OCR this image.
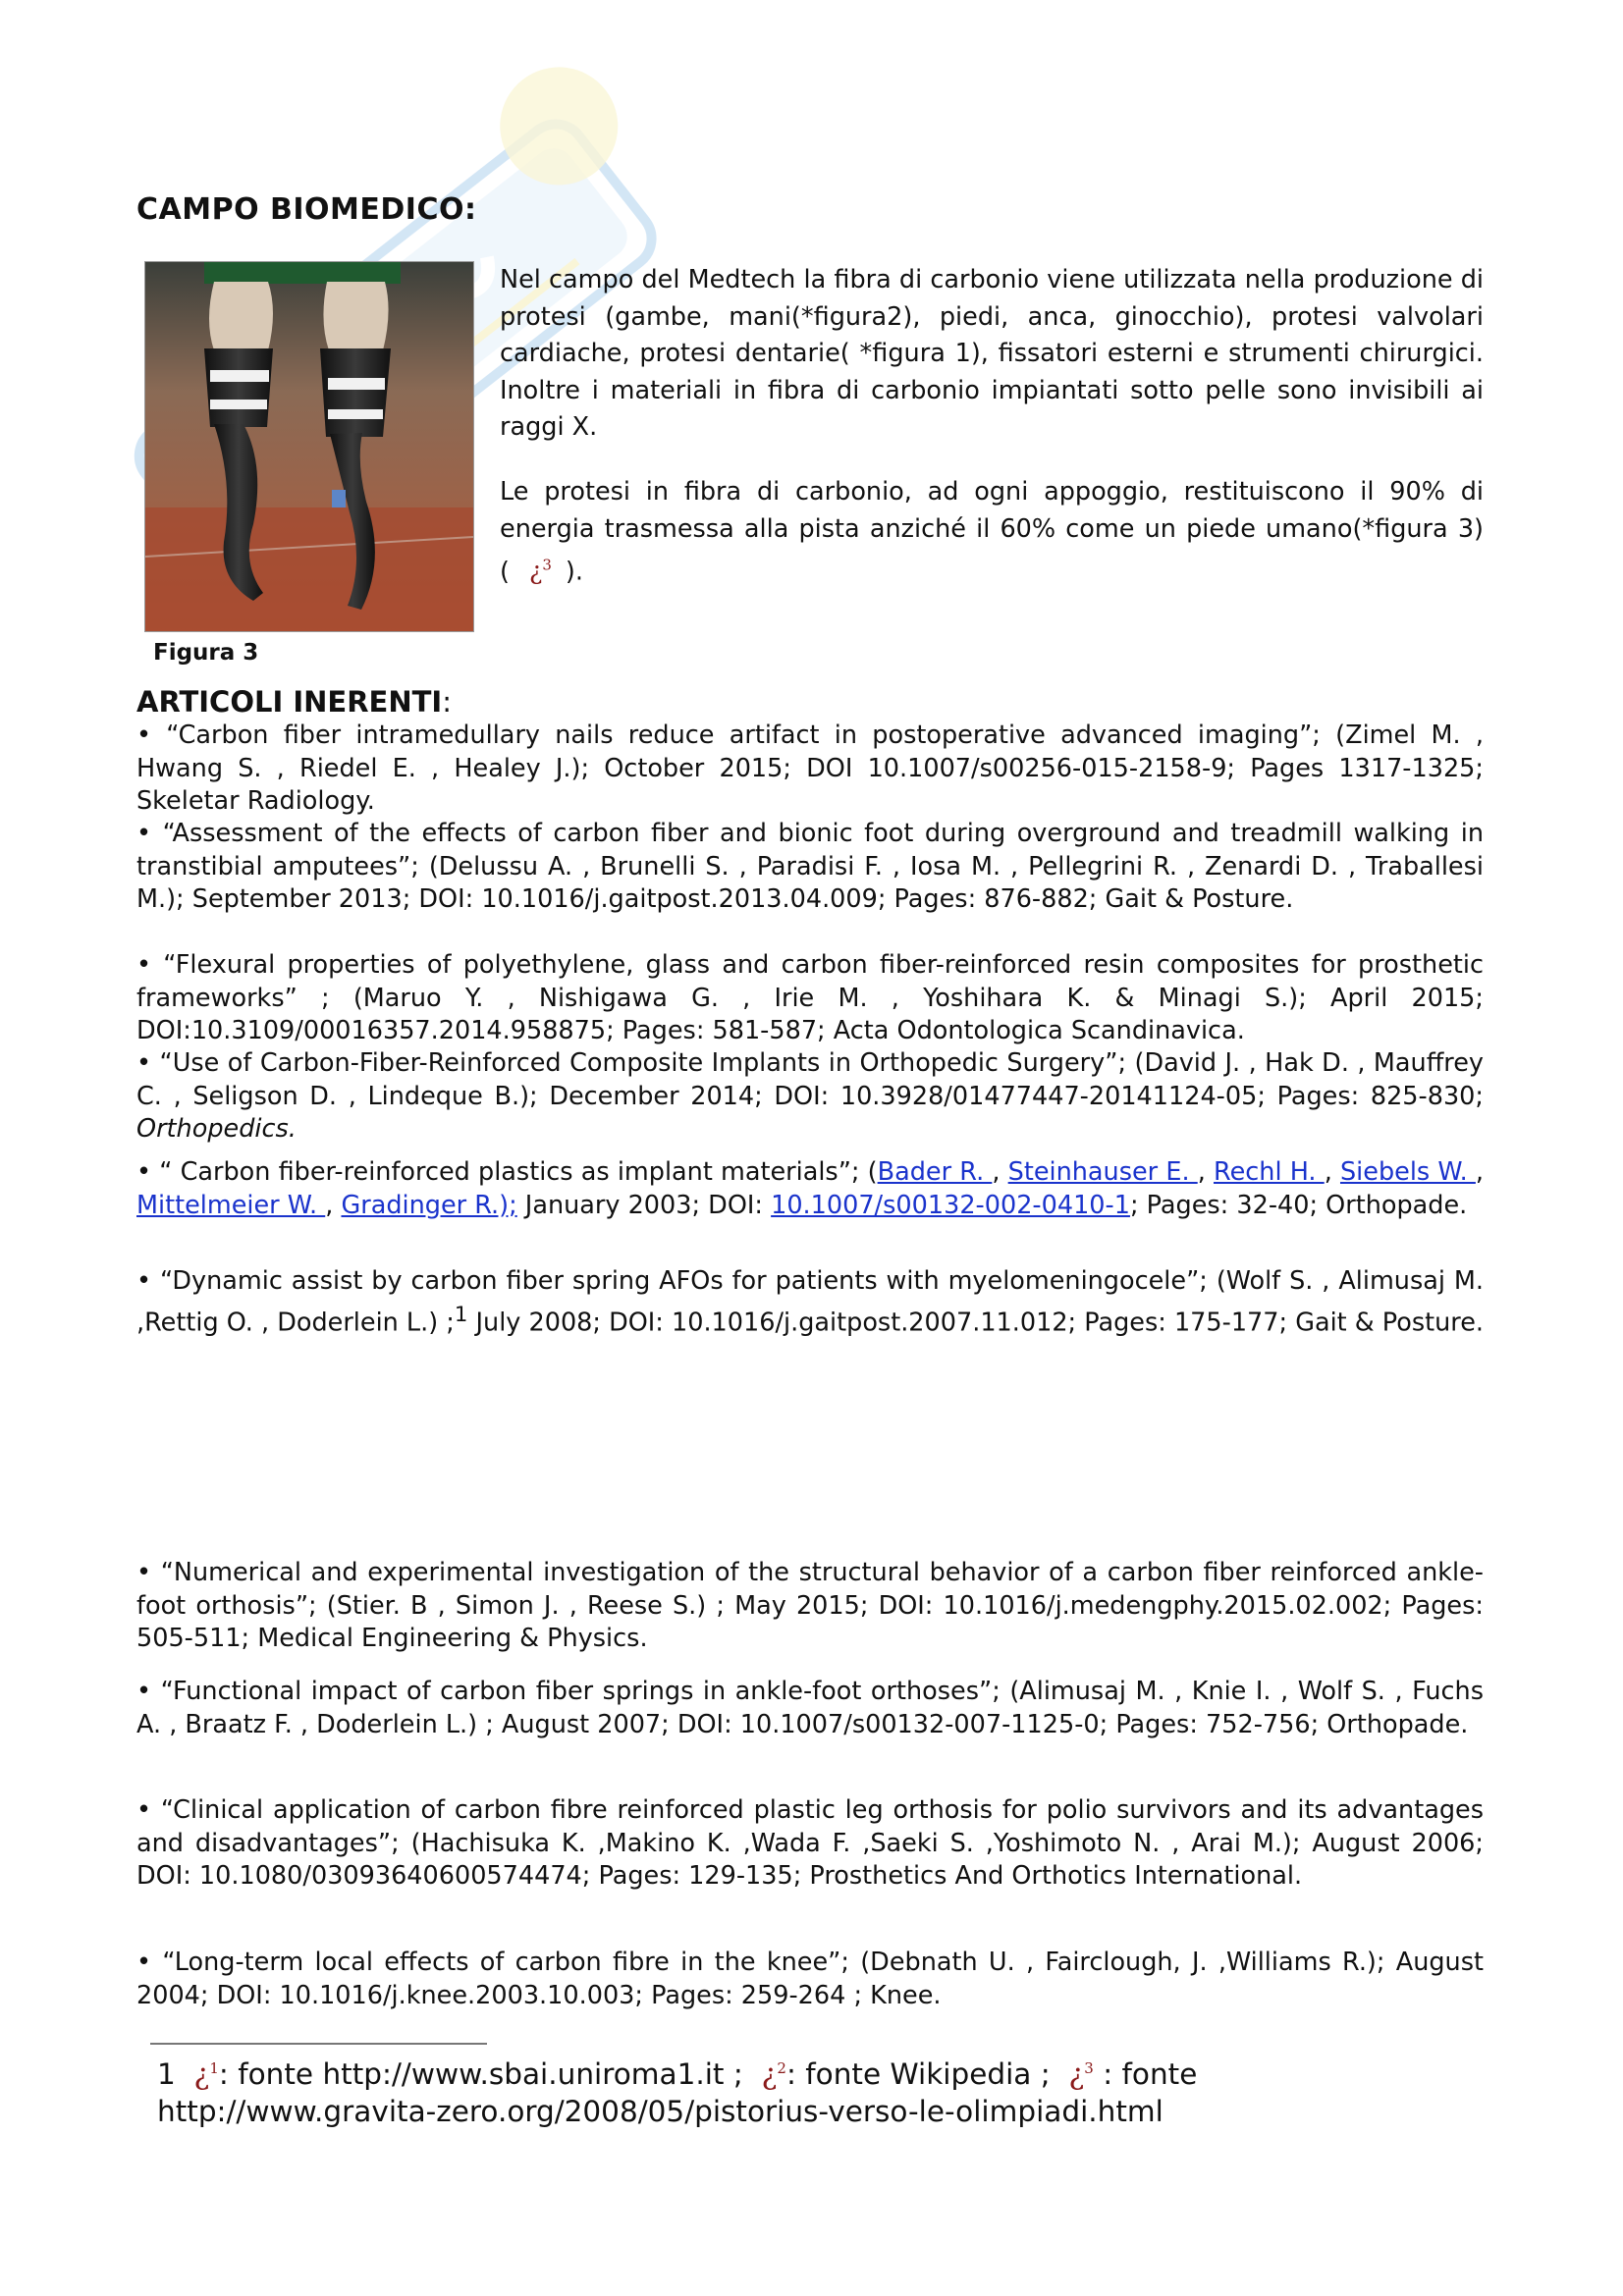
CAMPO BIOMEDICO:
Figura 3
Nel campo del Medtech la fibra di carbonio viene utilizzata nella produzione di protesi (gambe, mani(*figura2), piedi, anca, ginocchio), protesi valvolari cardiache, protesi dentarie( *figura 1), fissatori esterni e strumenti chirurgici. Inoltre i materiali in fibra di carbonio impiantati sotto pelle sono invisibili ai raggi X.
Le protesi in fibra di carbonio, ad ogni appoggio, restituiscono il 90% di energia trasmessa alla pista anziché il 60% come un piede umano(*figura 3) ( ¿$^3$ ).
ARTICOLI INERENTI:
• “Carbon fiber intramedullary nails reduce artifact in postoperative advanced imaging”; (Zimel M. , Hwang S. , Riedel E. , Healey J.); October 2015; DOI 10.1007/s00256-015-2158-9; Pages 1317-1325; Skeletar Radiology.
• “Assessment of the effects of carbon fiber and bionic foot during overground and treadmill walking in transtibial amputees”; (Delussu A. , Brunelli S. , Paradisi F. , Iosa M. , Pellegrini R. , Zenardi D. , Traballesi M.); September 2013; DOI: 10.1016/j.gaitpost.2013.04.009; Pages: 876-882; Gait & Posture.
• “Flexural properties of polyethylene, glass and carbon fiber-reinforced resin composites for prosthetic frameworks” ; (Maruo Y. , Nishigawa G. , Irie M. , Yoshihara K. & Minagi S.); April 2015; DOI:10.3109/00016357.2014.958875; Pages: 581-587; Acta Odontologica Scandinavica.
• “Use of Carbon-Fiber-Reinforced Composite Implants in Orthopedic Surgery”; (David J. , Hak D. , Mauffrey C. , Seligson D. , Lindeque B.); December 2014; DOI: 10.3928/01477447-20141124-05; Pages: 825-830; Orthopedics.
• “ Carbon fiber-reinforced plastics as implant materials”; (Bader R. , Steinhauser E. , Rechl H. , Siebels W. , Mittelmeier W. , Gradinger R.); January 2003; DOI: 10.1007/s00132-002-0410-1; Pages: 32-40; Orthopade.
• “Dynamic assist by carbon fiber spring AFOs for patients with myelomeningocele”; (Wolf S. , Alimusaj M. ,Rettig O. , Doderlein L.) ;$^1$ July 2008; DOI: 10.1016/j.gaitpost.2007.11.012; Pages: 175-177; Gait & Posture.
• “Numerical and experimental investigation of the structural behavior of a carbon fiber reinforced ankle-foot orthosis”; (Stier. B , Simon J. , Reese S.) ; May 2015; DOI: 10.1016/j.medengphy.2015.02.002; Pages: 505-511; Medical Engineering & Physics.
• “Functional impact of carbon fiber springs in ankle-foot orthoses”; (Alimusaj M. , Knie I. , Wolf S. , Fuchs A. , Braatz F. , Doderlein L.) ; August 2007; DOI: 10.1007/s00132-007-1125-0; Pages: 752-756; Orthopade.
• “Clinical application of carbon fibre reinforced plastic leg orthosis for polio survivors and its advantages and disadvantages”; (Hachisuka K. ,Makino K. ,Wada F. ,Saeki S. ,Yoshimoto N. , Arai M.); August 2006; DOI: 10.1080/03093640600574474; Pages: 129-135; Prosthetics And Orthotics International.
• “Long-term local effects of carbon fibre in the knee”; (Debnath U. , Fairclough, J. ,Williams R.); August 2004; DOI: 10.1016/j.knee.2003.10.003; Pages: 259-264 ; Knee.
1 ¿$^1$: fonte http://www.sbai.uniroma1.it ; ¿$^2$: fonte Wikipedia ; ¿$^3$ : fonte http://www.gravita-zero.org/2008/05/pistorius-verso-le-olimpiadi.html
